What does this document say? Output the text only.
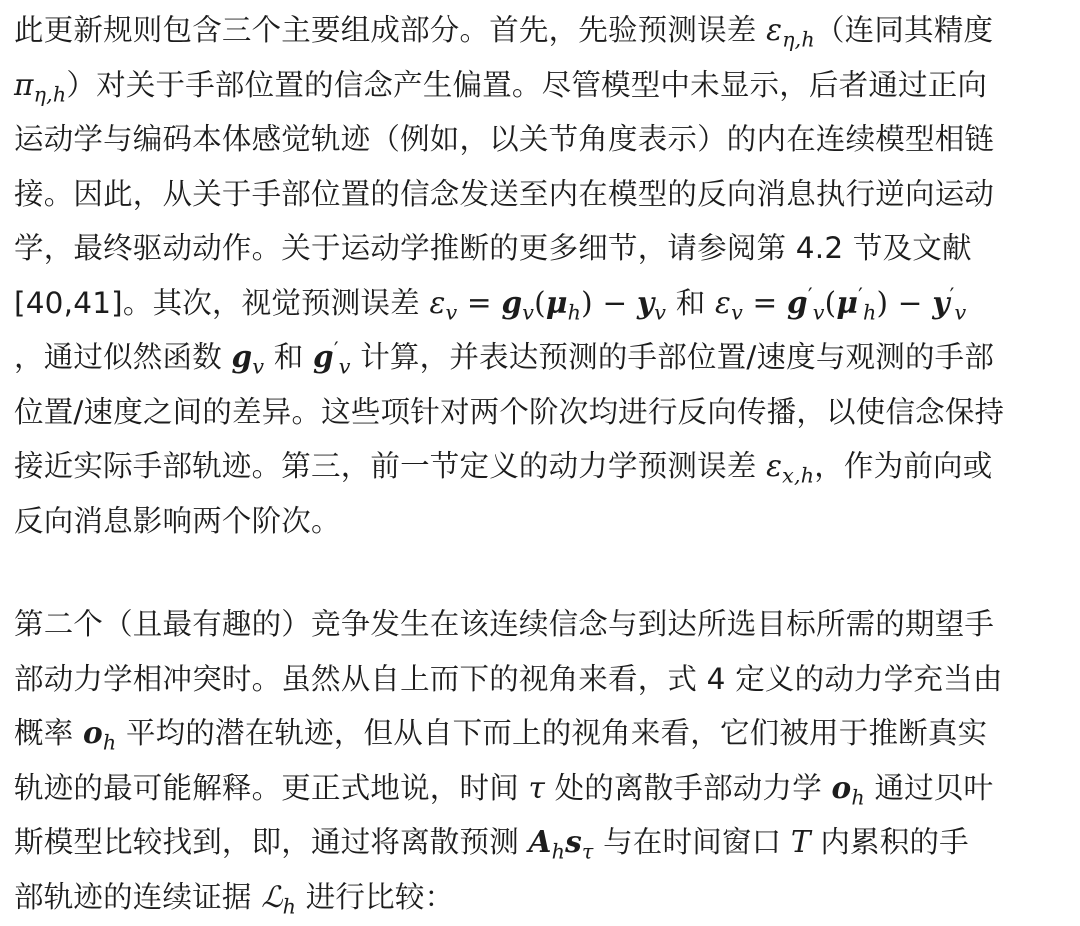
此更新规则包含三个主要组成部分。首先，先验预测误差 $\varepsilon_{\eta,h}$（连同其精度
$\pi_{\eta,h}$）对关于手部位置的信念产生偏置。尽管模型中未显示，后者通过正向
运动学与编码本体感觉轨迹（例如，以关节角度表示）的内在连续模型相链
接。因此，从关于手部位置的信念发送至内在模型的反向消息执行逆向运动
学，最终驱动动作。关于运动学推断的更多细节，请参阅第 4.2 节及文献
[40,41]。其次，视觉预测误差 $\varepsilon_v = g_v(\mu_h) - y_v$ 和 $\varepsilon_v = g'_v(\mu'_h) - y'_v$
，通过似然函数 $g_v$ 和 $g'_v$ 计算，并表达预测的手部位置/速度与观测的手部
位置/速度之间的差异。这些项针对两个阶次均进行反向传播，以使信念保持
接近实际手部轨迹。第三，前一节定义的动力学预测误差 $\varepsilon_{x,h}$，作为前向或
反向消息影响两个阶次。

第二个（且最有趣的）竞争发生在该连续信念与到达所选目标所需的期望手
部动力学相冲突时。虽然从自上而下的视角来看，式 4 定义的动力学充当由
概率 $o_h$ 平均的潜在轨迹，但从自下而上的视角来看，它们被用于推断真实
轨迹的最可能解释。更正式地说，时间 τ 处的离散手部动力学 $o_h$ 通过贝叶
斯模型比较找到，即，通过将离散预测 $A_hs_\tau$ 与在时间窗口 T 内累积的手
部轨迹的连续证据 ℒ$_h$ 进行比较：
